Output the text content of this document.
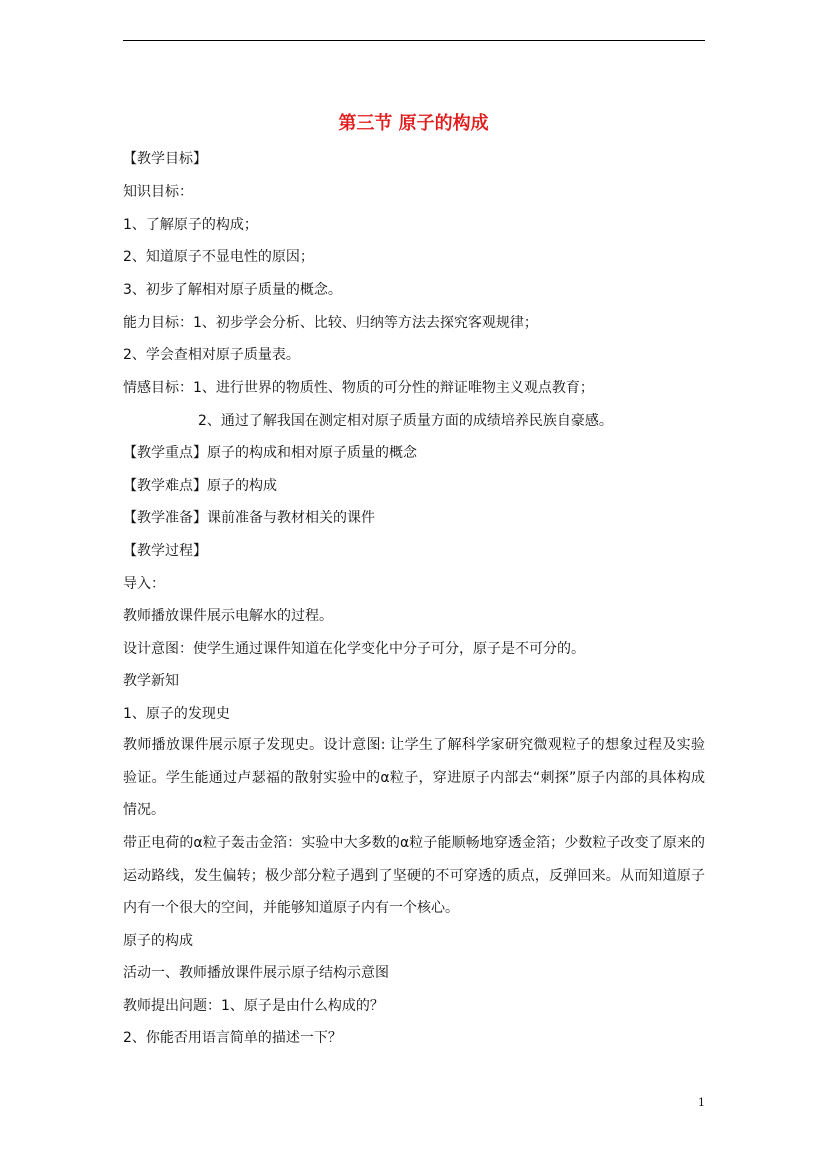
第三节 原子的构成
【教学目标】
知识目标：
1、了解原子的构成；
2、知道原子不显电性的原因；
3、初步了解相对原子质量的概念。
能力目标：1、初步学会分析、比较、归纳等方法去探究客观规律；
2、学会查相对原子质量表。
情感目标：1、进行世界的物质性、物质的可分性的辩证唯物主义观点教育；
2、通过了解我国在测定相对原子质量方面的成绩培养民族自豪感。
【教学重点】原子的构成和相对原子质量的概念
【教学难点】原子的构成
【教学准备】课前准备与教材相关的课件
【教学过程】
导入：
教师播放课件展示电解水的过程。
设计意图：使学生通过课件知道在化学变化中分子可分，原子是不可分的。
教学新知
1、原子的发现史
教师播放课件展示原子发现史。设计意图: 让学生了解科学家研究微观粒子的想象过程及实验验证。学生能通过卢瑟福的散射实验中的α粒子，穿进原子内部去“刺探”原子内部的具体构成情况。
带正电荷的α粒子轰击金箔：实验中大多数的α粒子能顺畅地穿透金箔；少数粒子改变了原来的运动路线，发生偏转；极少部分粒子遇到了坚硬的不可穿透的质点，反弹回来。从而知道原子内有一个很大的空间，并能够知道原子内有一个核心。
原子的构成
活动一、教师播放课件展示原子结构示意图
教师提出问题：1、原子是由什么构成的？
2、你能否用语言简单的描述一下？
1
